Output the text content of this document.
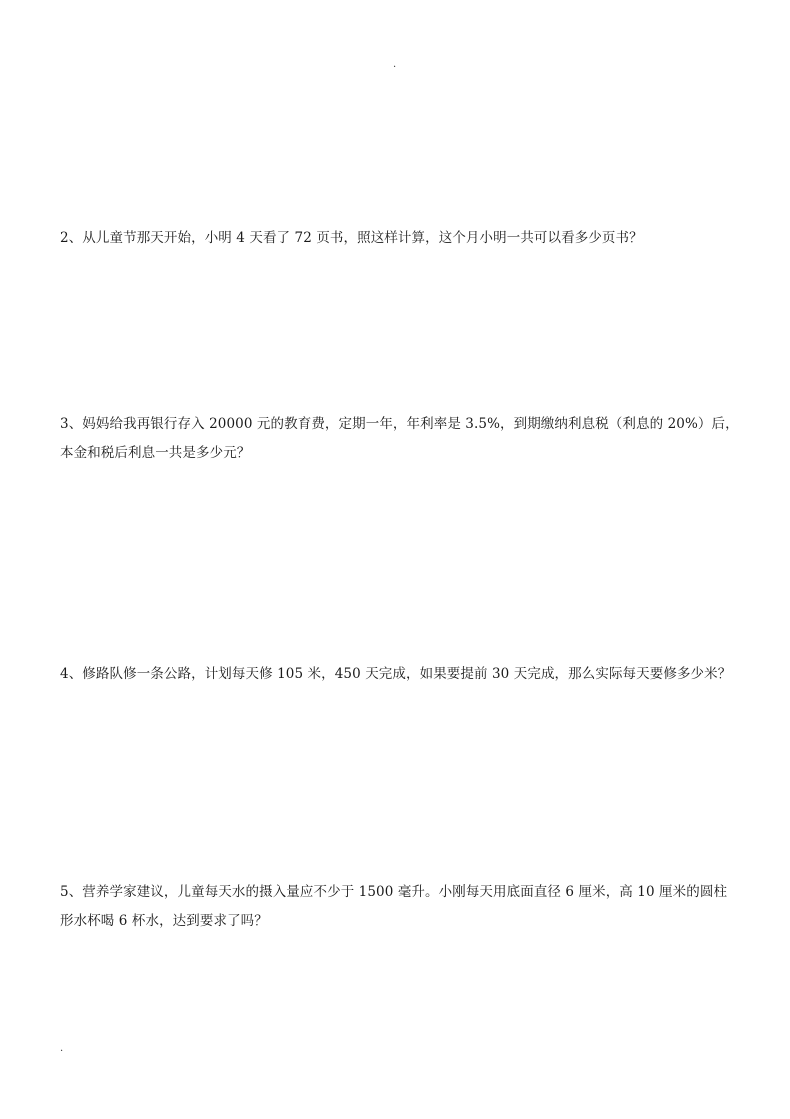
.
2、从儿童节那天开始，小明 4 天看了 72 页书，照这样计算，这个月小明一共可以看多少页书？
3、妈妈给我再银行存入 20000 元的教育费，定期一年，年利率是 3.5%，到期缴纳利息税（利息的 20%）后，
本金和税后利息一共是多少元？
4、修路队修一条公路，计划每天修 105 米，450 天完成，如果要提前 30 天完成，那么实际每天要修多少米？
5、营养学家建议，儿童每天水的摄入量应不少于 1500 毫升。小刚每天用底面直径 6 厘米，高 10 厘米的圆柱
形水杯喝 6 杯水，达到要求了吗？
.
